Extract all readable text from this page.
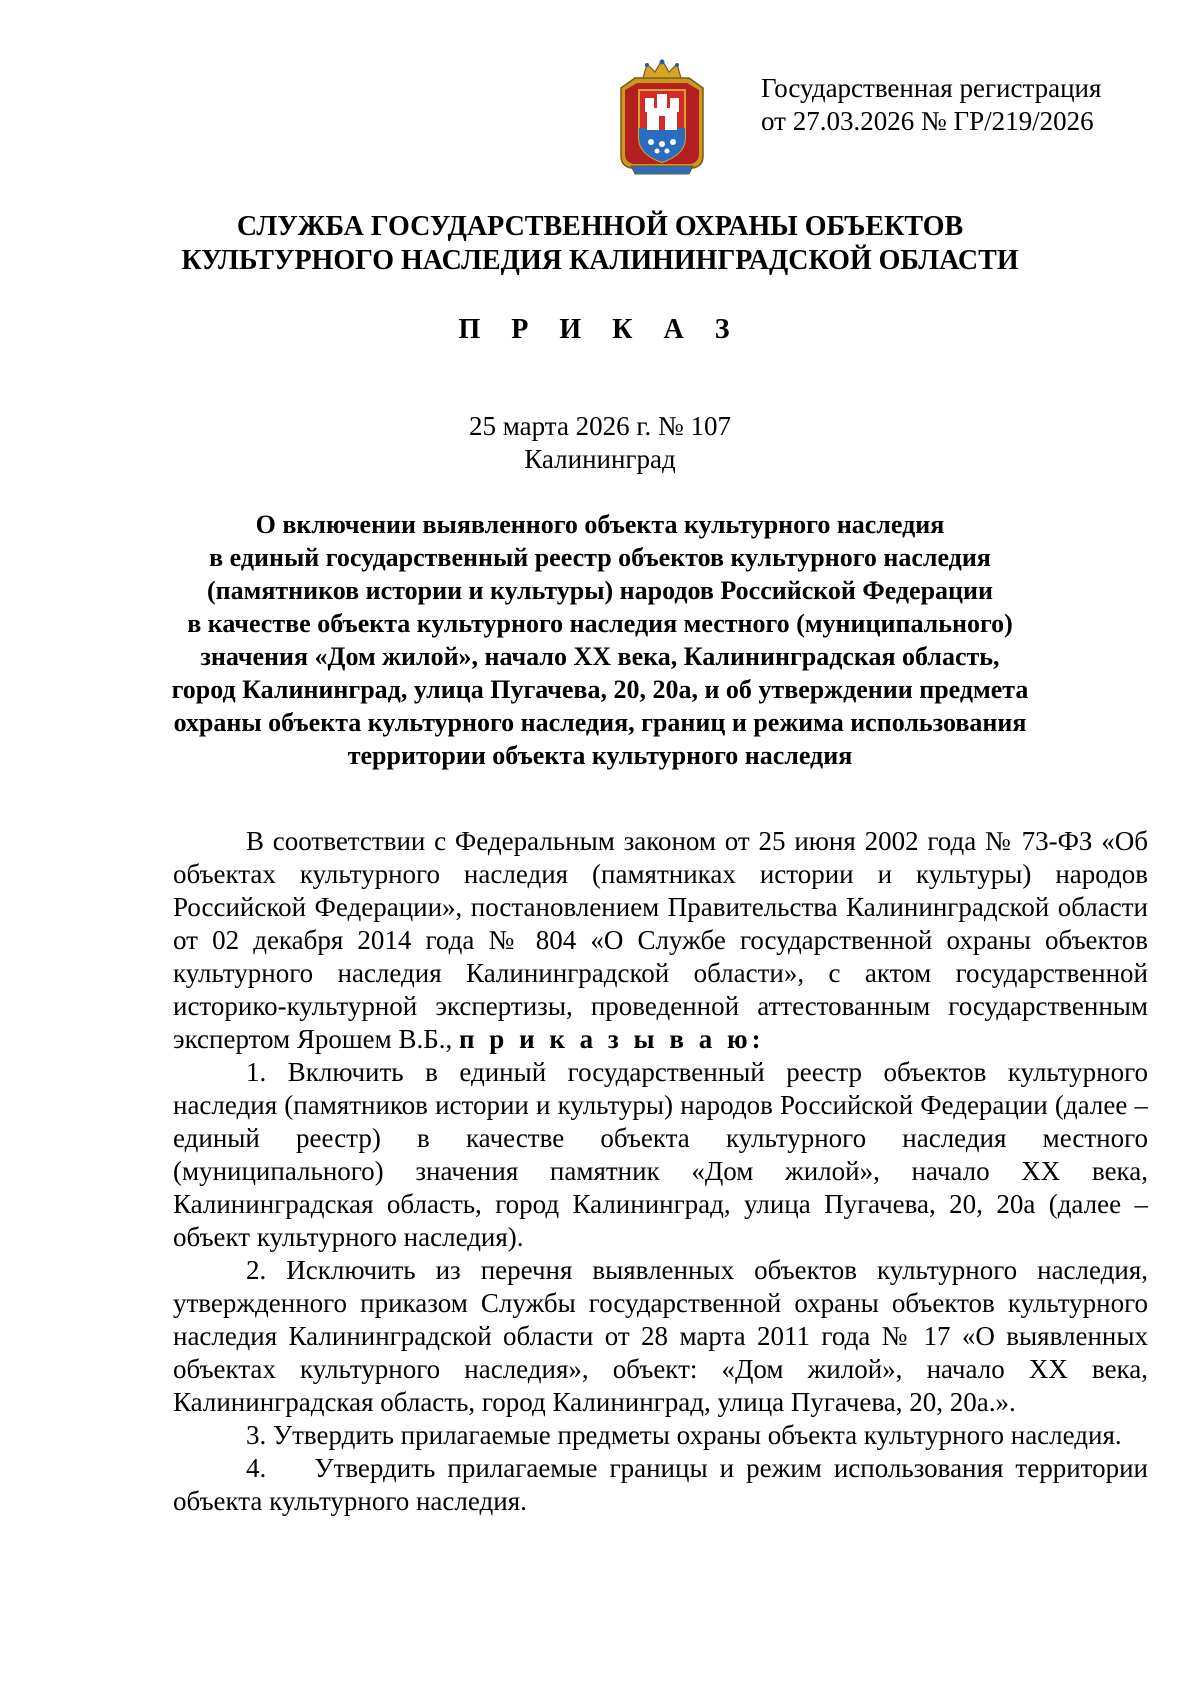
Государственная регистрация
от 27.03.2026 № ГР/219/2026
СЛУЖБА ГОСУДАРСТВЕННОЙ ОХРАНЫ ОБЪЕКТОВ
КУЛЬТУРНОГО НАСЛЕДИЯ КАЛИНИНГРАДСКОЙ ОБЛАСТИ
П Р И К А З
25 марта 2026 г. № 107
Калининград
О включении выявленного объекта культурного наследия
в единый государственный реестр объектов культурного наследия
(памятников истории и культуры) народов Российской Федерации
в качестве объекта культурного наследия местного (муниципального)
значения «Дом жилой», начало XX века, Калининградская область,
город Калининград, улица Пугачева, 20, 20а, и об утверждении предмета
охраны объекта культурного наследия, границ и режима использования
территории объекта культурного наследия

В соответствии с Федеральным законом от 25 июня 2002 года № 73-ФЗ «Об объектах культурного наследия (памятниках истории и культуры) народов Российской Федерации», постановлением Правительства Калининградской области от 02 декабря 2014 года № 804 «О Службе государственной охраны объектов культурного наследия Калининградской области», с актом государственной историко-культурной экспертизы, проведенной аттестованным государственным экспертом Ярошем В.Б., п р и к а з ы в а ю:

1. Включить в единый государственный реестр объектов культурного наследия (памятников истории и культуры) народов Российской Федерации (далее – единый реестр) в качестве объекта культурного наследия местного (муниципального) значения памятник «Дом жилой», начало XX века, Калининградская область, город Калининград, улица Пугачева, 20, 20а (далее – объект культурного наследия).

2. Исключить из перечня выявленных объектов культурного наследия, утвержденного приказом Службы государственной охраны объектов культурного наследия Калининградской области от 28 марта 2011 года № 17 «О выявленных объектах культурного наследия», объект: «Дом жилой», начало XX века, Калининградская область, город Калининград, улица Пугачева, 20, 20а.».

3. Утвердить прилагаемые предметы охраны объекта культурного наследия.

4.    Утвердить прилагаемые границы и режим использования территории объекта культурного наследия.
